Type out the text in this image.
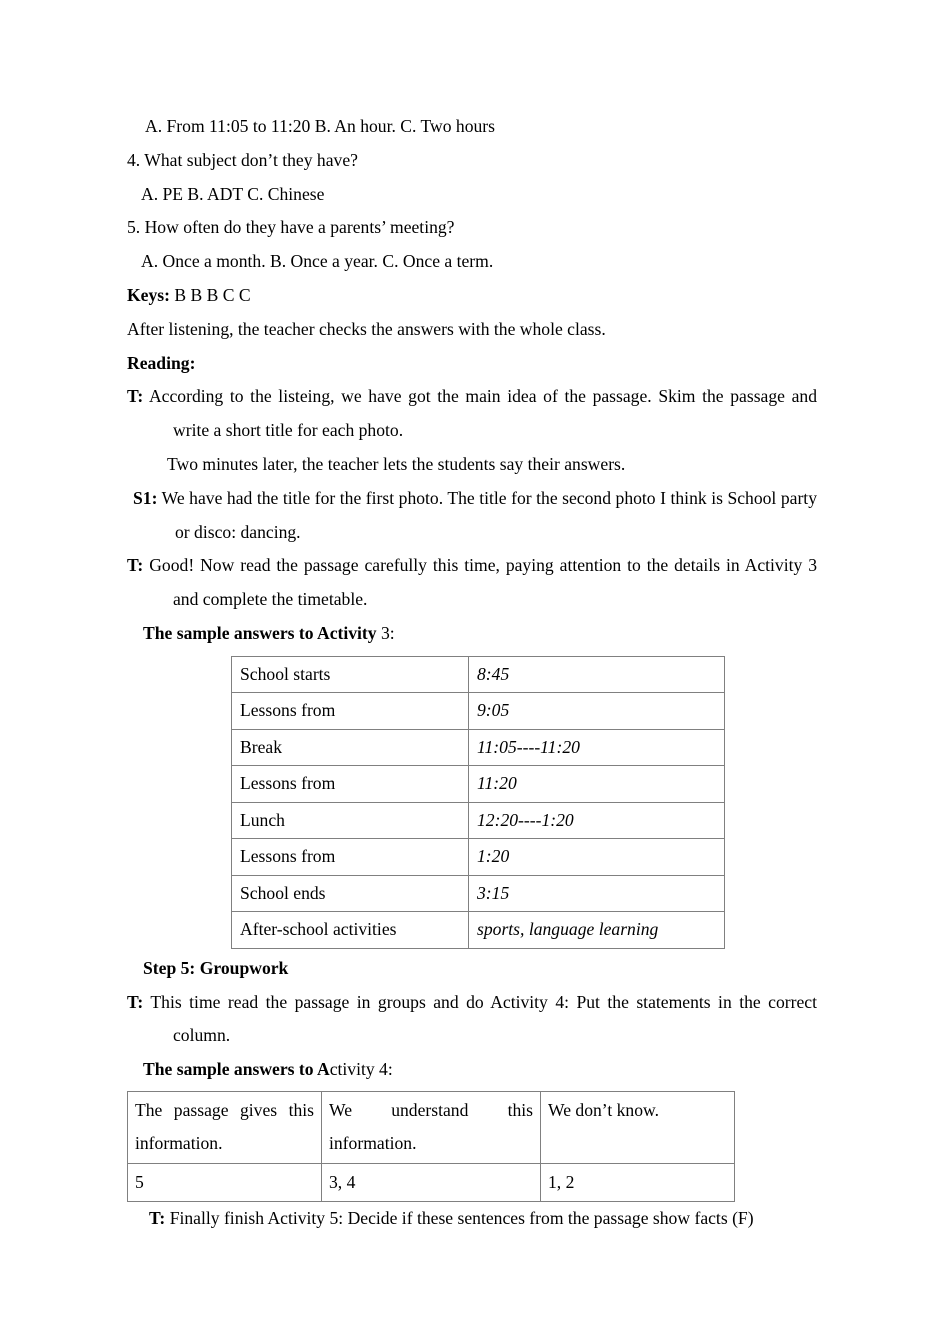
A. From 11:05 to 11:20 B. An hour. C. Two hours

4. What subject don’t they have?

A. PE B. ADT C. Chinese

5. How often do they have a parents’ meeting?

A. Once a month. B. Once a year. C. Once a term.

Keys: B B B C C

After listening, the teacher checks the answers with the whole class.

Reading:

T: According to the listeing, we have got the main idea of the passage. Skim the passage and write a short title for each photo.

Two minutes later, the teacher lets the students say their answers.

S1: We have had the title for the first photo. The title for the second photo I think is School party or disco: dancing.

T: Good! Now read the passage carefully this time, paying attention to the details in Activity 3 and complete the timetable.

The sample answers to Activity 3:

School starts	8:45
Lessons from	9:05
Break	11:05----11:20
Lessons from	11:20
Lunch	12:20----1:20
Lessons from	1:20
School ends	3:15
After-school activities	sports, language learning

Step 5: Groupwork

T: This time read the passage in groups and do Activity 4: Put the statements in the correct column.

The sample answers to Activity 4:

The passage gives this information.	We understand this information.	We don’t know.
5	3, 4	1, 2

T: Finally finish Activity 5: Decide if these sentences from the passage show facts (F)
